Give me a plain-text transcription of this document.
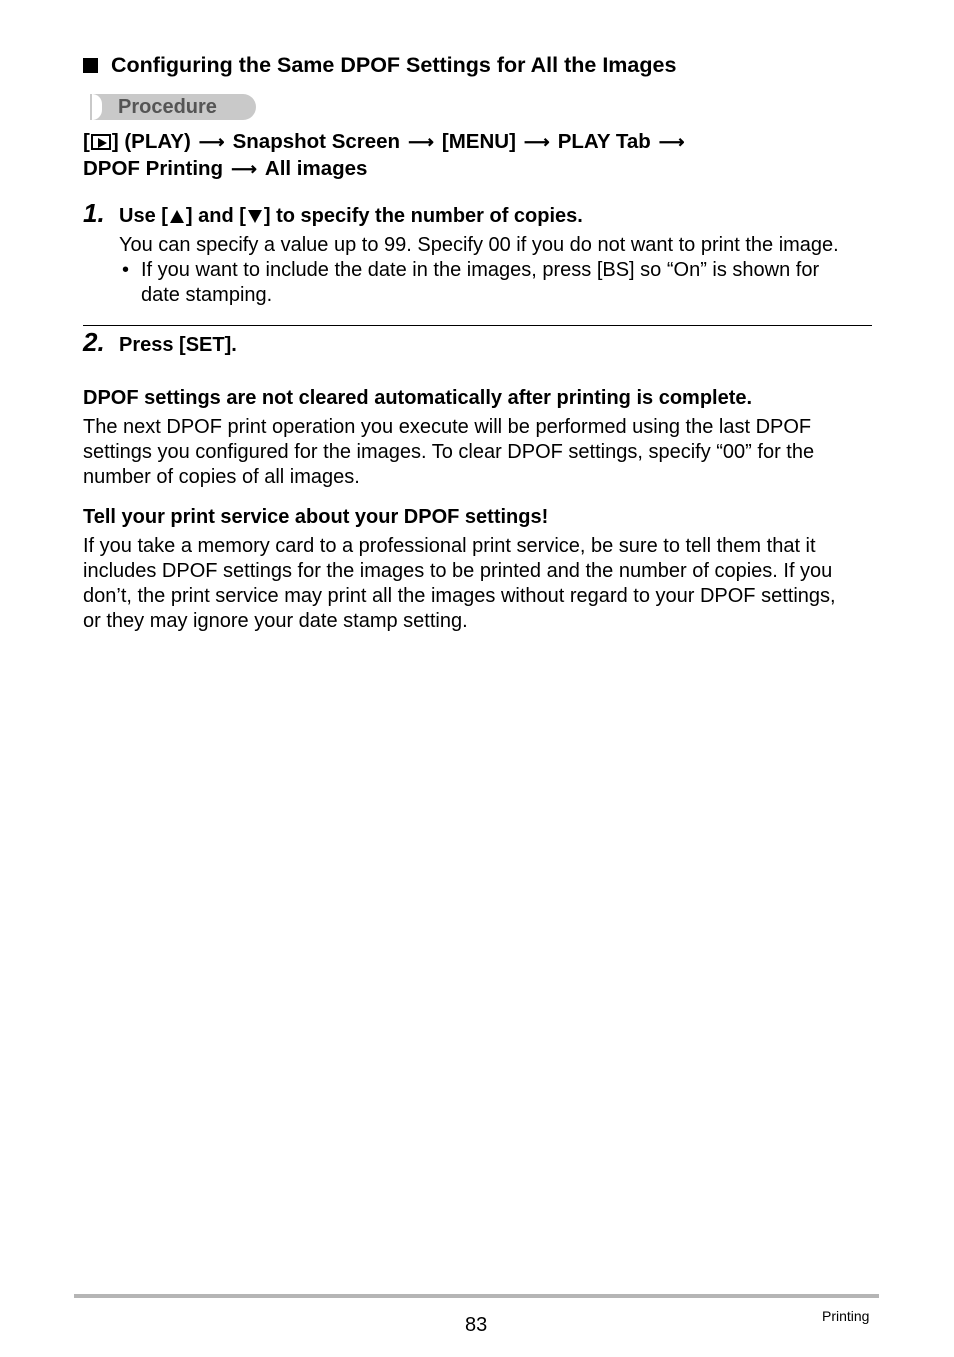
Configuring the Same DPOF Settings for All the Images
Procedure
[ ] (PLAY) ⟶ Snapshot Screen ⟶ [MENU] ⟶ PLAY Tab ⟶
DPOF Printing ⟶ All images
1. Use [ ] and [ ] to specify the number of copies.
You can specify a value up to 99. Specify 00 if you do not want to print the image.
• If you want to include the date in the images, press [BS] so “On” is shown for
date stamping.
2. Press [SET].
DPOF settings are not cleared automatically after printing is complete.
The next DPOF print operation you execute will be performed using the last DPOF
settings you configured for the images. To clear DPOF settings, specify “00” for the
number of copies of all images.
Tell your print service about your DPOF settings!
If you take a memory card to a professional print service, be sure to tell them that it
includes DPOF settings for the images to be printed and the number of copies. If you
don’t, the print service may print all the images without regard to your DPOF settings,
or they may ignore your date stamp setting.
83	Printing
